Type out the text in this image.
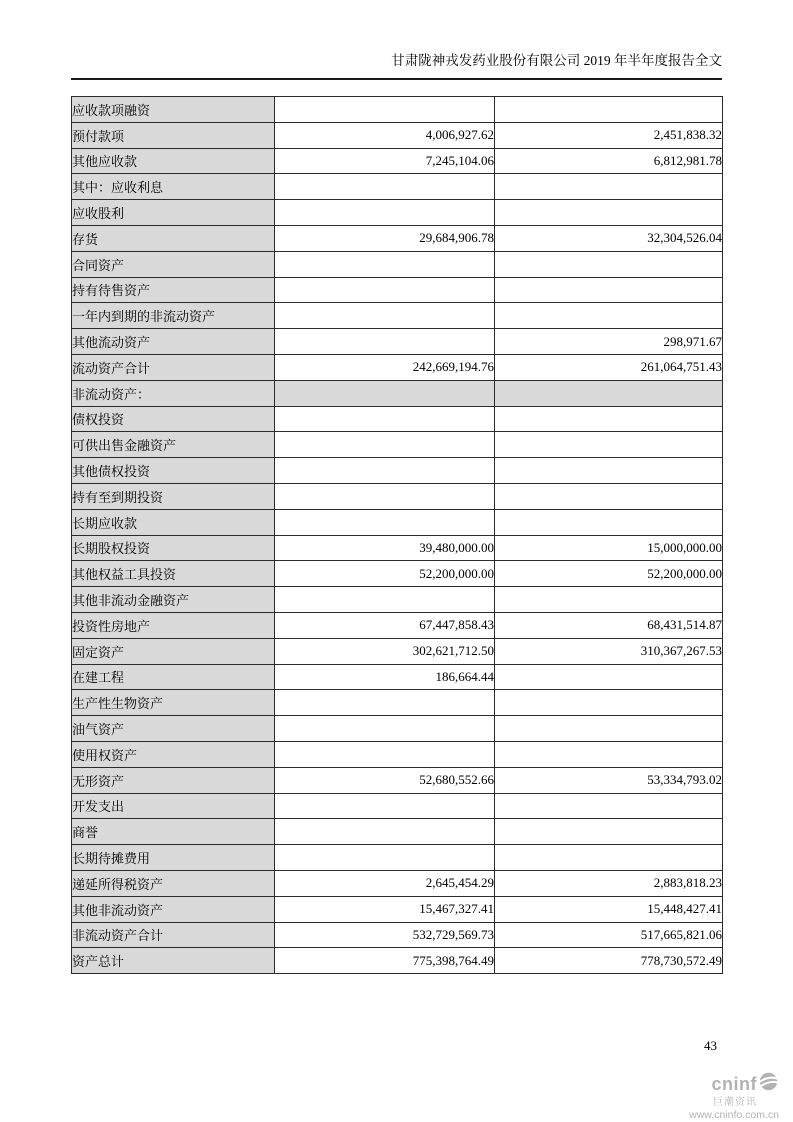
甘肃陇神戎发药业股份有限公司 2019 年半年度报告全文
应收款项融资		
预付款项	4,006,927.62	2,451,838.32
其他应收款	7,245,104.06	6,812,981.78
其中：应收利息		
应收股利		
存货	29,684,906.78	32,304,526.04
合同资产		
持有待售资产		
一年内到期的非流动资产		
其他流动资产		298,971.67
流动资产合计	242,669,194.76	261,064,751.43
非流动资产：		
债权投资		
可供出售金融资产		
其他债权投资		
持有至到期投资		
长期应收款		
长期股权投资	39,480,000.00	15,000,000.00
其他权益工具投资	52,200,000.00	52,200,000.00
其他非流动金融资产		
投资性房地产	67,447,858.43	68,431,514.87
固定资产	302,621,712.50	310,367,267.53
在建工程	186,664.44	
生产性生物资产		
油气资产		
使用权资产		
无形资产	52,680,552.66	53,334,793.02
开发支出		
商誉		
长期待摊费用		
递延所得税资产	2,645,454.29	2,883,818.23
其他非流动资产	15,467,327.41	15,448,427.41
非流动资产合计	532,729,569.73	517,665,821.06
资产总计	775,398,764.49	778,730,572.49
43
cninf
巨潮资讯
www.cninfo.com.cn
